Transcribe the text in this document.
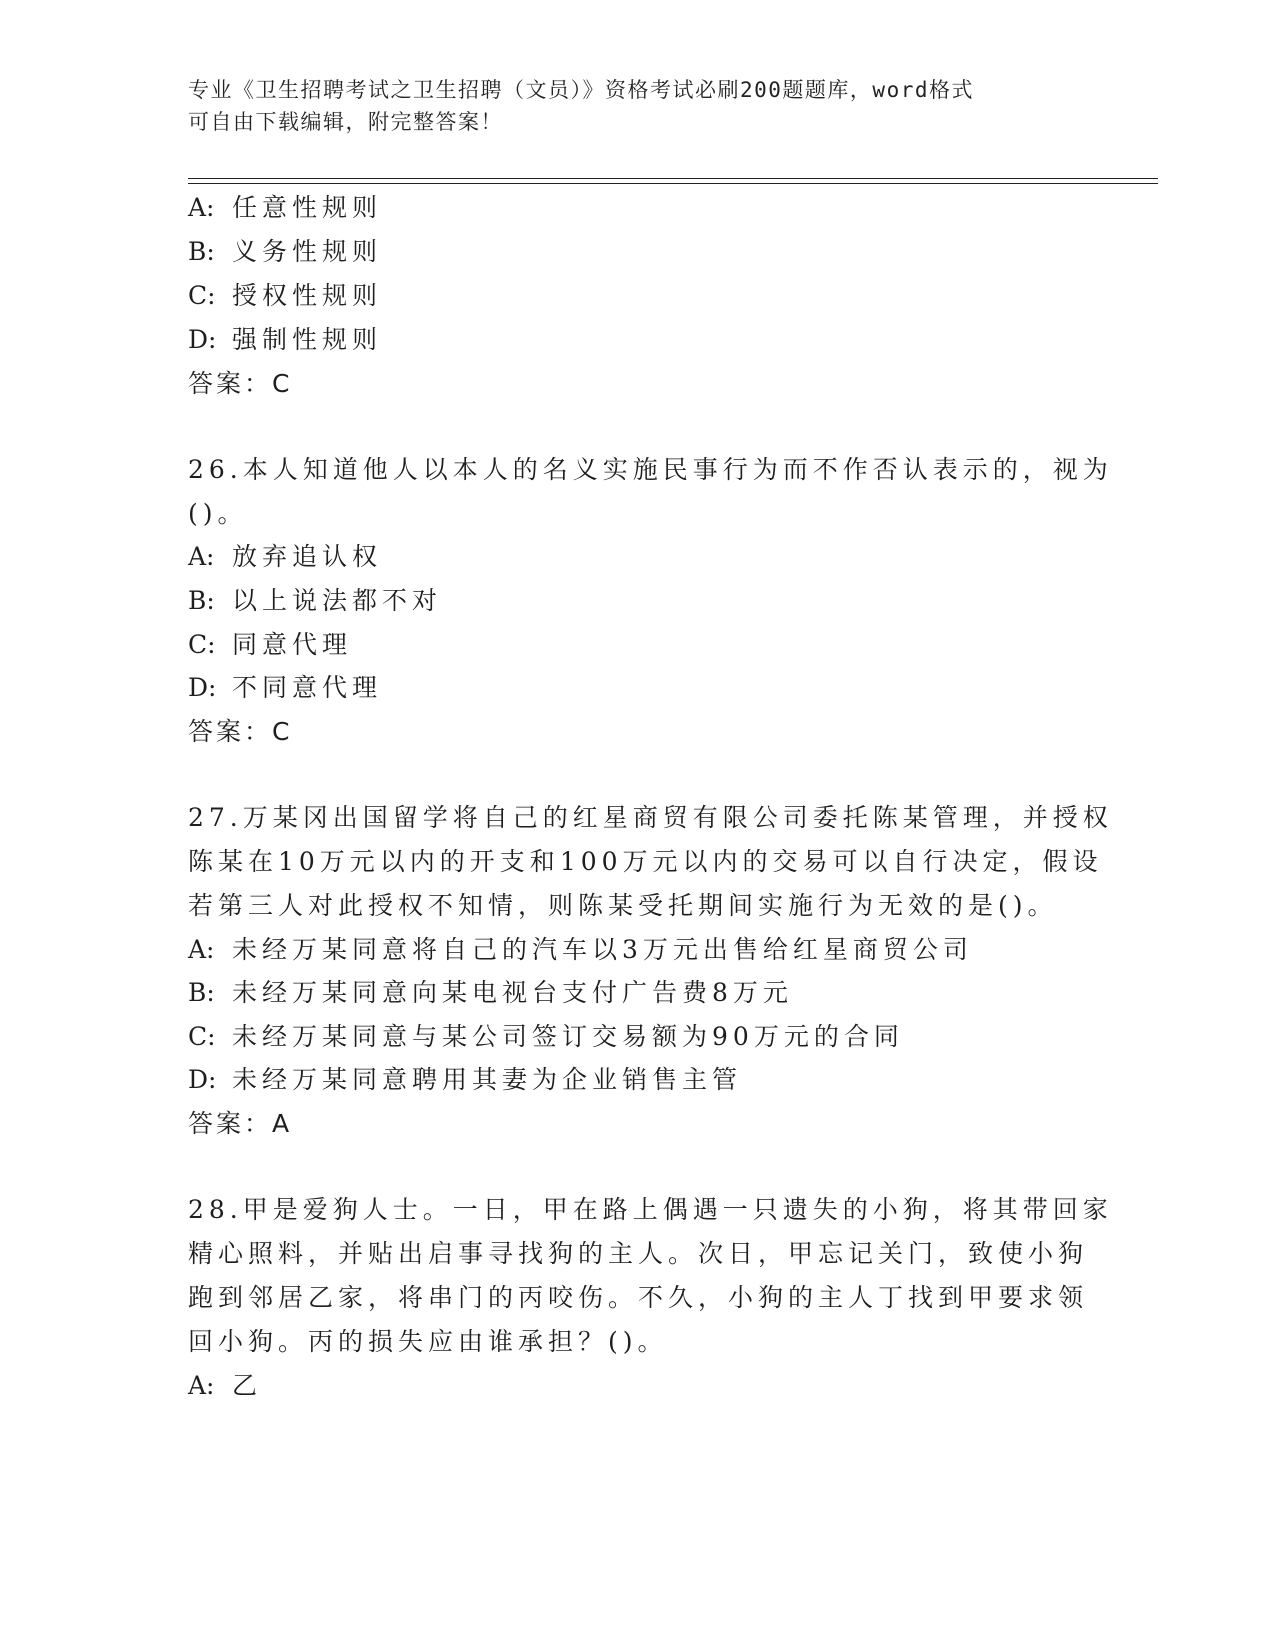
专业《卫生招聘考试之卫生招聘（文员）》资格考试必刷200题题库，word格式
可自由下载编辑，附完整答案！
A: 任意性规则
B: 义务性规则
C: 授权性规则
D: 强制性规则
答案：C
26.本人知道他人以本人的名义实施民事行为而不作否认表示的，视为
()。
A: 放弃追认权
B: 以上说法都不对
C: 同意代理
D: 不同意代理
答案：C
27.万某冈出国留学将自己的红星商贸有限公司委托陈某管理，并授权
陈某在10万元以内的开支和100万元以内的交易可以自行决定，假设
若第三人对此授权不知情，则陈某受托期间实施行为无效的是()。
A: 未经万某同意将自己的汽车以3万元出售给红星商贸公司
B: 未经万某同意向某电视台支付广告费8万元
C: 未经万某同意与某公司签订交易额为90万元的合同
D: 未经万某同意聘用其妻为企业销售主管
答案：A
28.甲是爱狗人士。一日，甲在路上偶遇一只遗失的小狗，将其带回家
精心照料，并贴出启事寻找狗的主人。次日，甲忘记关门，致使小狗
跑到邻居乙家，将串门的丙咬伤。不久，小狗的主人丁找到甲要求领
回小狗。丙的损失应由谁承担？()。
A: 乙
